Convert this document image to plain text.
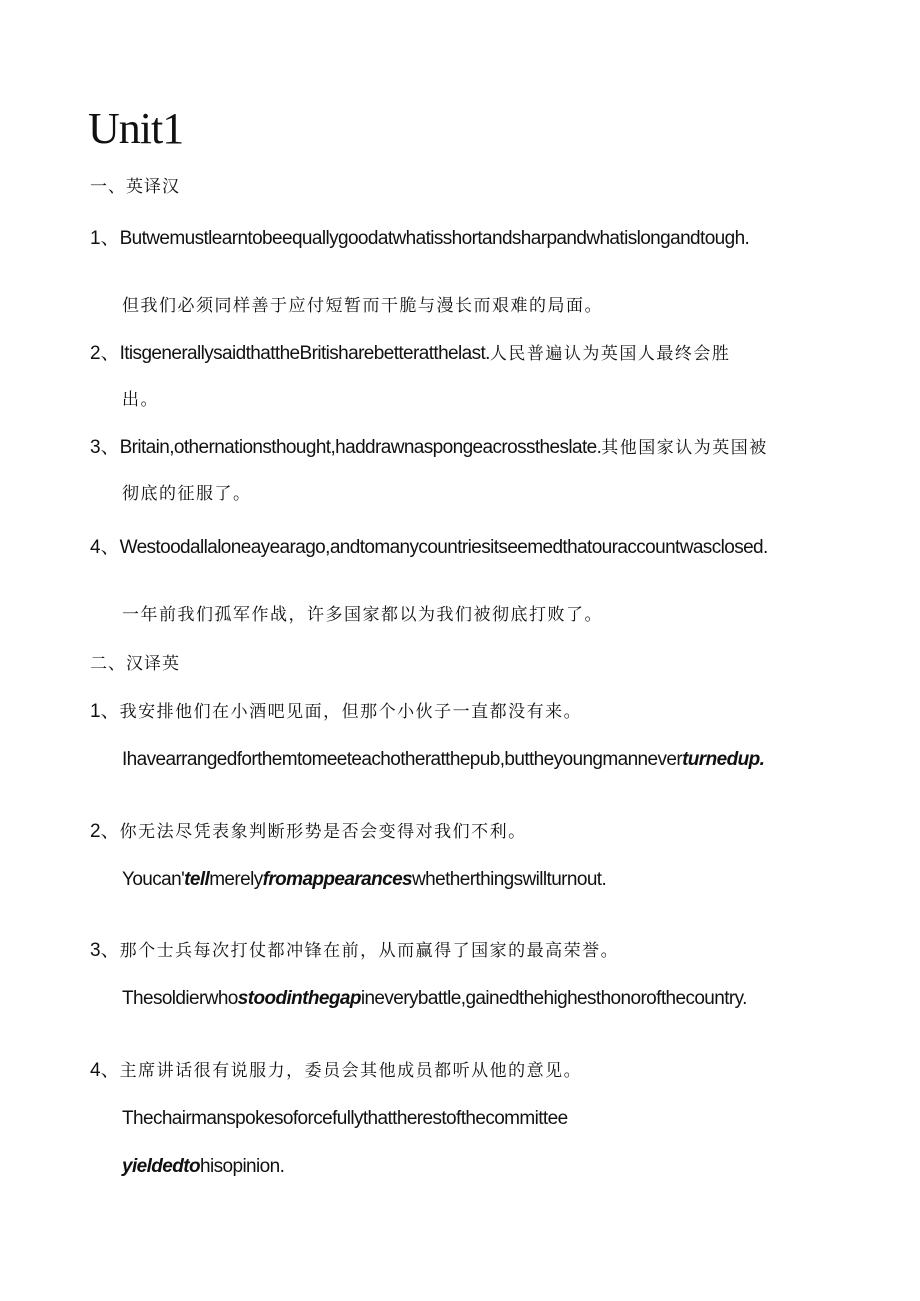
Unit1
一、英译汉
1、Butwemustlearntobeequallygoodatwhatisshortandsharpandwhatislongandtough.
但我们必须同样善于应付短暂而干脆与漫长而艰难的局面。
2、ItisgenerallysaidthattheBritisharebetteratthelast.人民普遍认为英国人最终会胜
出。
3、Britain,othernationsthought,haddrawnaspongeacrosstheslate.其他国家认为英国被
彻底的征服了。
4、Westoodallaloneayearago,andtomanycountriesitseemedthatouraccountwasclosed.
一年前我们孤军作战，许多国家都以为我们被彻底打败了。
二、汉译英
1、我安排他们在小酒吧见面，但那个小伙子一直都没有来。
Ihavearrangedforthemtomeeteachotheratthepub,buttheyoungmanneverturnedup.
2、你无法尽凭表象判断形势是否会变得对我们不利。
Youcan'tellmerelyfromappearanceswhetherthingswillturnout.
3、那个士兵每次打仗都冲锋在前，从而赢得了国家的最高荣誉。
Thesoldierwhostoodinthegapineverybattle,gainedthehighesthonorofthecountry.
4、主席讲话很有说服力，委员会其他成员都听从他的意见。
Thechairmanspokesoforcefullythattherestofthecommittee
yieldedtohisopinion.
